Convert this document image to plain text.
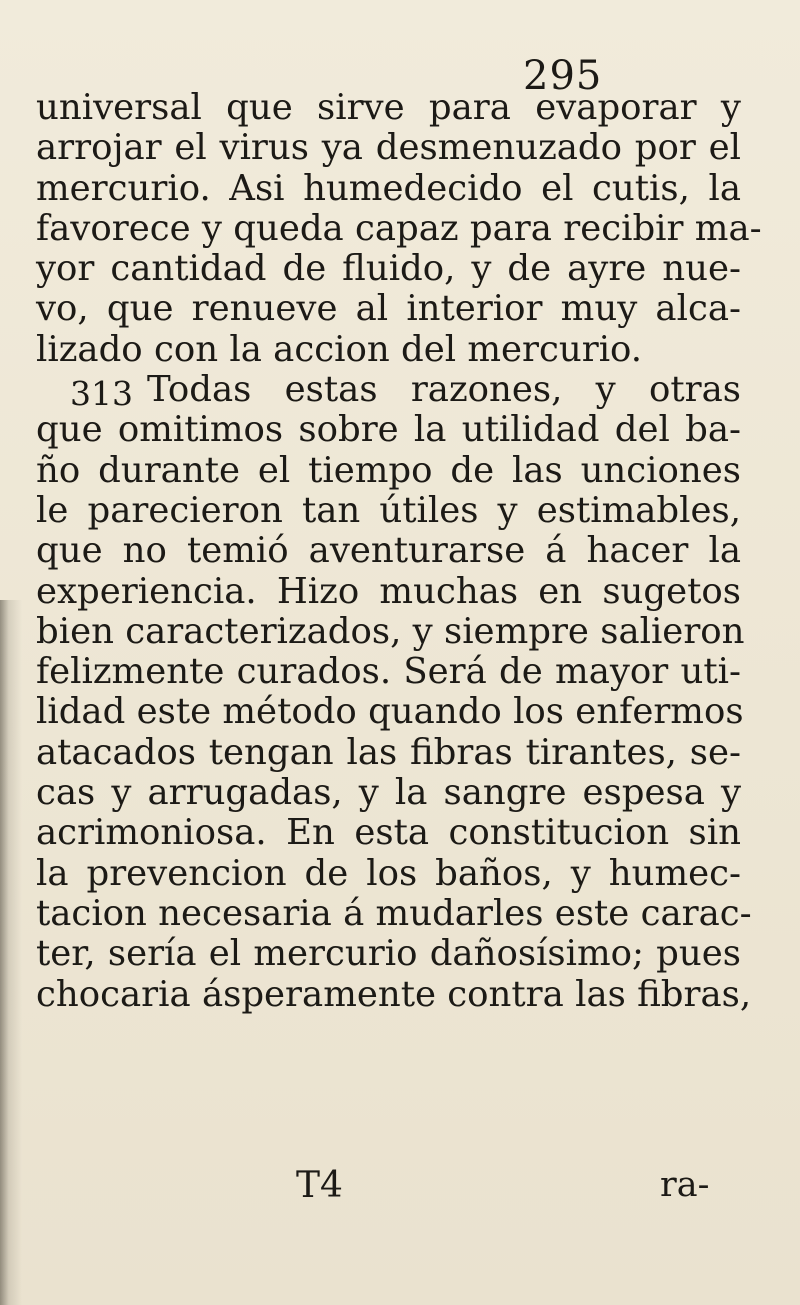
295
universal que sirve para evaporar y
arrojar el virus ya desmenuzado por el
mercurio. Asi humedecido el cutis, la
favorece y queda capaz para recibir ma-
yor cantidad de fluido, y de ayre nue-
vo, que renueve al interior muy alca-
lizado con la accion del mercurio.
313 Todas estas razones, y otras
que omitimos sobre la utilidad del ba-
ño durante el tiempo de las unciones
le parecieron tan útiles y estimables,
que no temió aventurarse á hacer la
experiencia. Hizo muchas en sugetos
bien caracterizados, y siempre salieron
felizmente curados. Será de mayor uti-
lidad este método quando los enfermos
atacados tengan las fibras tirantes, se-
cas y arrugadas, y la sangre espesa y
acrimoniosa. En esta constitucion sin
la prevencion de los baños, y humec-
tacion necesaria á mudarles este carac-
ter, sería el mercurio dañosísimo; pues
chocaria ásperamente contra las fibras,
T4	ra-
